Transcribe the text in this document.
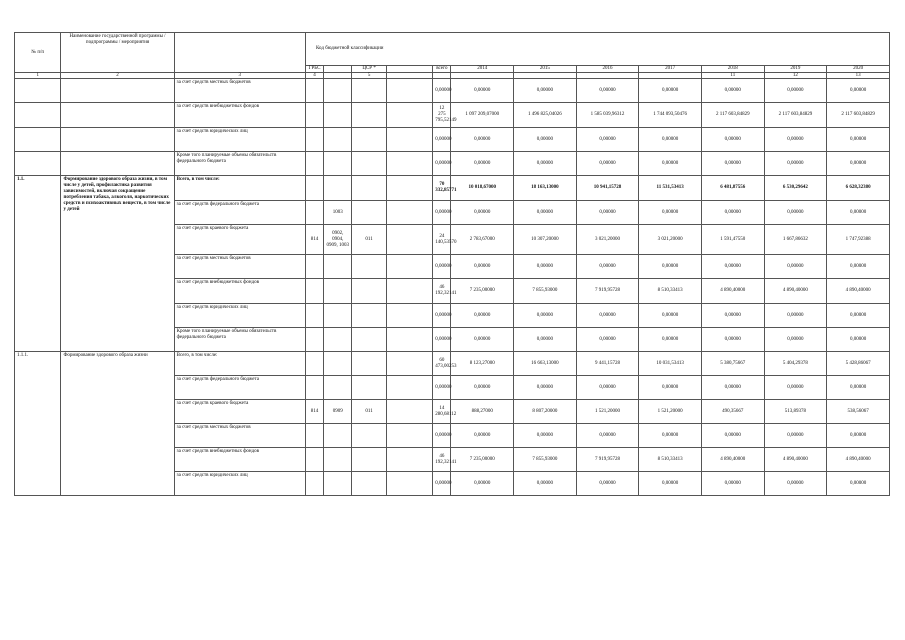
№ п/п	Наименование государственной программы / подпрограммы / мероприятия		Код бюджетной классификации											
			ГРБС		ЦСР *		всего	2014	2015	2016	2017	2018	2019	2020
1	2	3	4		5							11	12	13
		за счет средств местных бюджетов					0,00000	0,00000	0,00000	0,00000	0,00000	0,00000	0,00000	0,00000
		за счет средств внебюджетных фондов					12 275 795,52149	1 097 209,07000	1 496 825,04026	1 585 039,96312	1 744 093,50476	2 117 603,84829	2 117 603,84829	2 117 603,84829
		за счет средств юридических лиц					0,00000	0,00000	0,00000	0,00000	0,00000	0,00000	0,00000	0,00000
		Кроме того планируемые объемы обязательств федерального бюджета					0,00000	0,00000	0,00000	0,00000	0,00000	0,00000	0,00000	0,00000
1.1.	Формирование здорового образа жизни, в том числе у детей, профилактика развития зависимостей, включая сокращение потребления табака, алкоголя, наркотических средств и психоактивных веществ, в том числе у детей	Всего, в том числе:					70 332,85771	10 018,67000	18 163,13000	10 941,15728	11 531,53413	6 481,87556	6 530,29642	6 628,32380
		за счет средств федерального бюджета		1003			0,00000	0,00000	0,00000	0,00000	0,00000	0,00000	0,00000	0,00000
		за счет средств краевого бюджета	814	0902, 0904, 0909, 1003	011		24 140,53570	2 783,67000	10 307,20000	3 021,20000	3 021,20000	1 591,47550	1 667,86632	1 747,92388
		за счет средств местных бюджетов					0,00000	0,00000	0,00000	0,00000	0,00000	0,00000	0,00000	0,00000
		за счет средств внебюджетных фондов					46 192,32141	7 235,00000	7 855,93000	7 919,95728	8 510,33413	4 890,40000	4 890,40000	4 890,40000
		за счет средств юридических лиц					0,00000	0,00000	0,00000	0,00000	0,00000	0,00000	0,00000	0,00000
		Кроме того планируемые объемы обязательств федерального бюджета					0,00000	0,00000	0,00000	0,00000	0,00000	0,00000	0,00000	0,00000
1.1.1.	Формирование здорового образа жизни	Всего, в том числе:					60 473,00253	8 123,27000	16 663,13000	9 441,15728	10 031,53413	5 380,75667	5 404,29378	5 428,86067
		за счет средств федерального бюджета					0,00000	0,00000	0,00000	0,00000	0,00000	0,00000	0,00000	0,00000
		за счет средств краевого бюджета	814	0909	011		14 280,68112	888,27000	8 807,20000	1 521,20000	1 521,20000	490,35667	513,89378	538,56067
		за счет средств местных бюджетов					0,00000	0,00000	0,00000	0,00000	0,00000	0,00000	0,00000	0,00000
		за счет средств внебюджетных фондов					46 192,32141	7 235,00000	7 855,93000	7 919,95728	8 510,33413	4 890,40000	4 890,40000	4 890,40000
		за счет средств юридических лиц					0,00000	0,00000	0,00000	0,00000	0,00000	0,00000	0,00000	0,00000
